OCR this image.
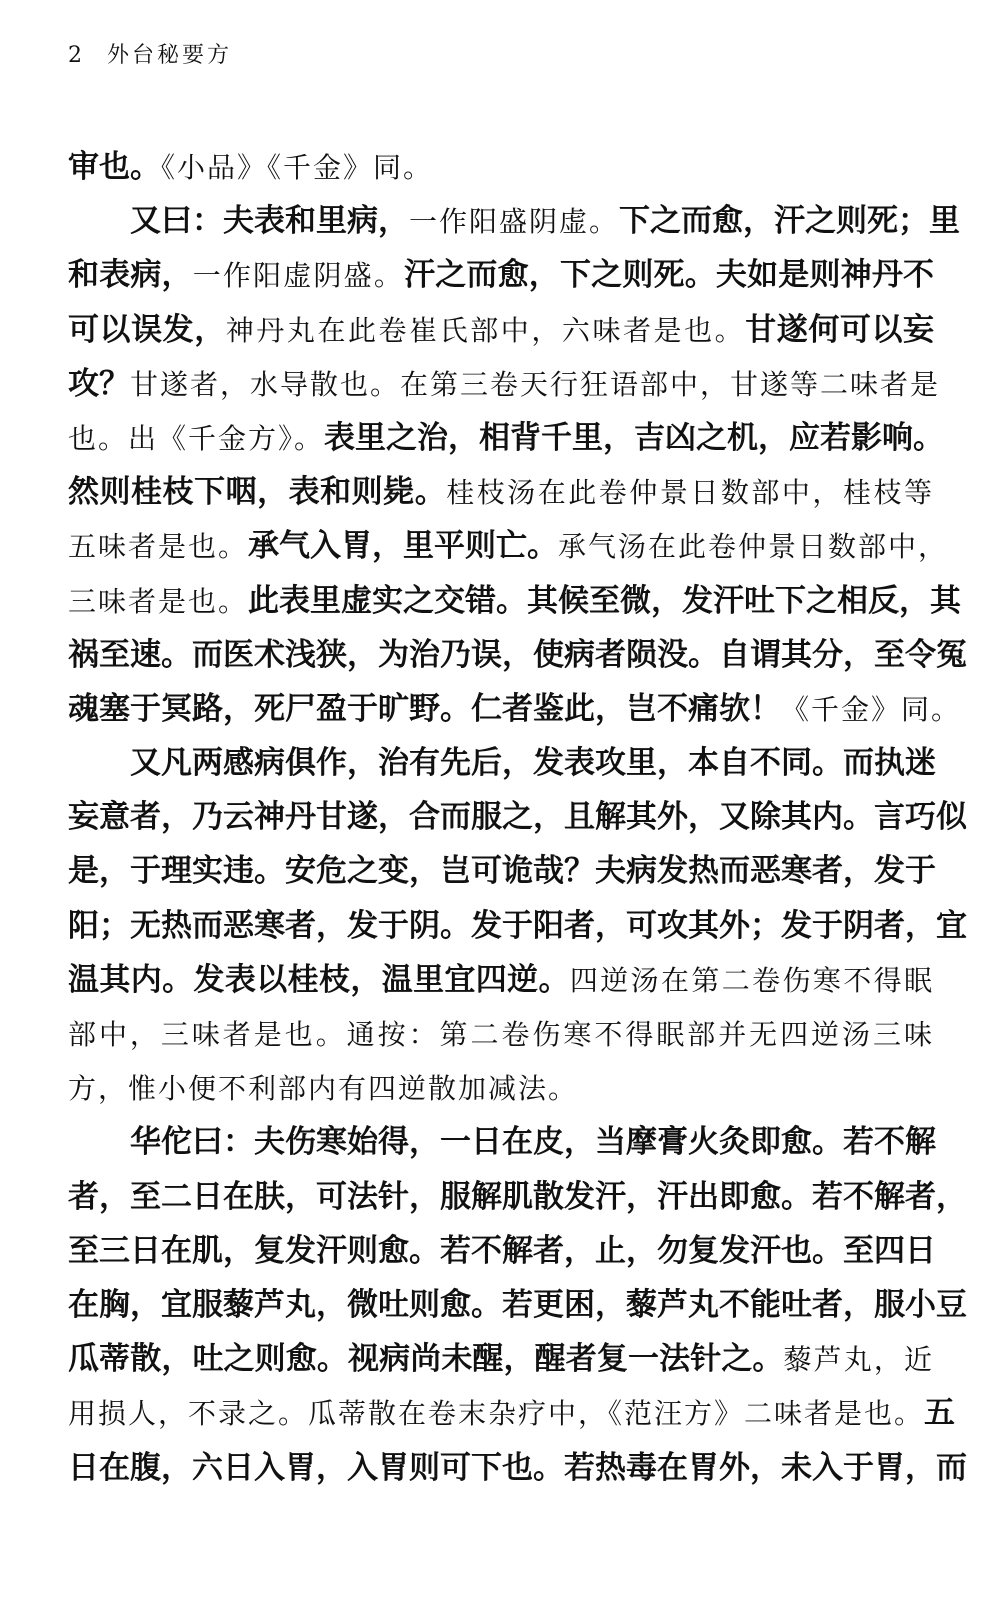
2 外台秘要方
审也。《小品》《千金》同。
又曰：夫表和里病，一作阳盛阴虚。下之而愈，汗之则死；里
和表病，一作阳虚阴盛。汗之而愈，下之则死。夫如是则神丹不
可以误发，神丹丸在此卷崔氏部中，六味者是也。甘遂何可以妄
攻？甘遂者，水导散也。在第三卷天行狂语部中，甘遂等二味者是
也。出《千金方》。表里之治，相背千里，吉凶之机，应若影响。
然则桂枝下咽，表和则毙。桂枝汤在此卷仲景日数部中，桂枝等
五味者是也。承气入胃，里平则亡。承气汤在此卷仲景日数部中，
三味者是也。此表里虚实之交错。其候至微，发汗吐下之相反，其
祸至速。而医术浅狭，为治乃误，使病者陨没。自谓其分，至令冤
魂塞于冥路，死尸盈于旷野。仁者鉴此，岂不痛欤！《千金》同。
又凡两感病俱作，治有先后，发表攻里，本自不同。而执迷
妄意者，乃云神丹甘遂，合而服之，且解其外，又除其内。言巧似
是，于理实违。安危之变，岂可诡哉？夫病发热而恶寒者，发于
阳；无热而恶寒者，发于阴。发于阳者，可攻其外；发于阴者，宜
温其内。发表以桂枝，温里宜四逆。四逆汤在第二卷伤寒不得眠
部中，三味者是也。通按：第二卷伤寒不得眠部并无四逆汤三味
方，惟小便不利部内有四逆散加减法。
华佗曰：夫伤寒始得，一日在皮，当摩膏火灸即愈。若不解
者，至二日在肤，可法针，服解肌散发汗，汗出即愈。若不解者，
至三日在肌，复发汗则愈。若不解者，止，勿复发汗也。至四日
在胸，宜服藜芦丸，微吐则愈。若更困，藜芦丸不能吐者，服小豆
瓜蒂散，吐之则愈。视病尚未醒，醒者复一法针之。藜芦丸，近
用损人，不录之。瓜蒂散在卷末杂疗中，《范汪方》二味者是也。五
日在腹，六日入胃，入胃则可下也。若热毒在胃外，未入于胃，而
